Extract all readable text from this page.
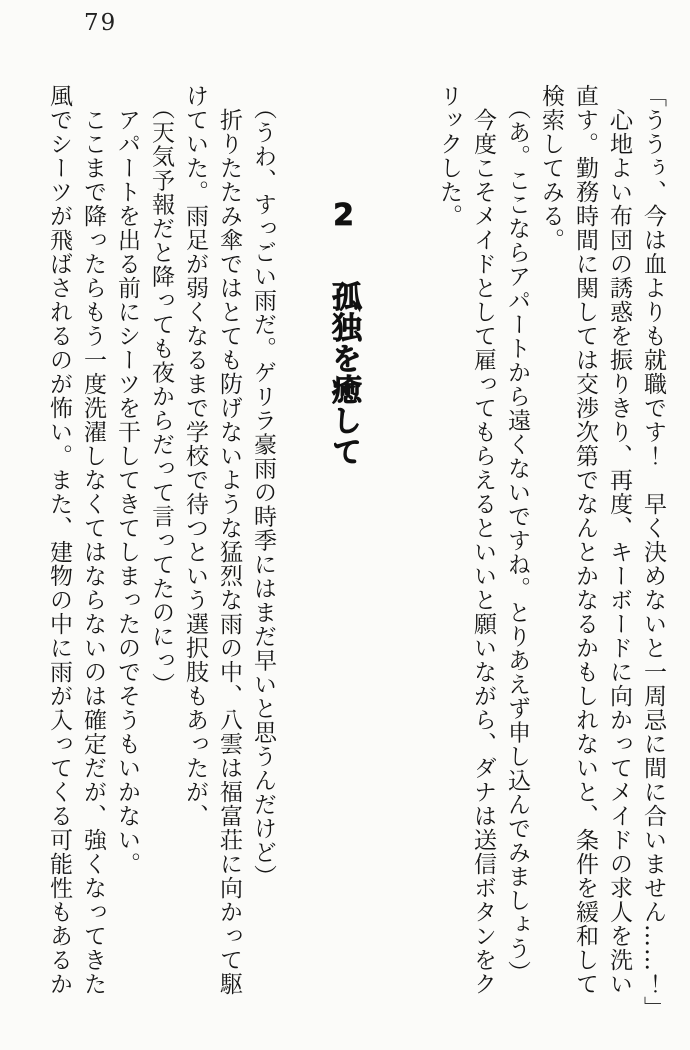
79
「ううぅ、今は血よりも就職です！　早く決めないと一周忌に間に合いません……！」
　心地よい布団の誘惑を振りきり、再度、キーボードに向かってメイドの求人を洗い
直す。勤務時間に関しては交渉次第でなんとかなるかもしれないと、条件を緩和して
検索してみる。
　（あ。ここならアパートから遠くないですね。とりあえず申し込んでみましょう）
　今度こそメイドとして雇ってもらえるといいと願いながら、ダナは送信ボタンをク
リックした。
2 孤独を癒して
　（うわ、すっごい雨だ。ゲリラ豪雨の時季にはまだ早いと思うんだけど）
　折りたたみ傘ではとても防げないような猛烈な雨の中、八雲は福富荘に向かって駆
けていた。雨足が弱くなるまで学校で待つという選択肢もあったが、
　（天気予報だと降っても夜からだって言ってたのにっ）
　アパートを出る前にシーツを干してきてしまったのでそうもいかない。
　ここまで降ったらもう一度洗濯しなくてはならないのは確定だが、強くなってきた
風でシーツが飛ばされるのが怖い。また、建物の中に雨が入ってくる可能性もあるか
